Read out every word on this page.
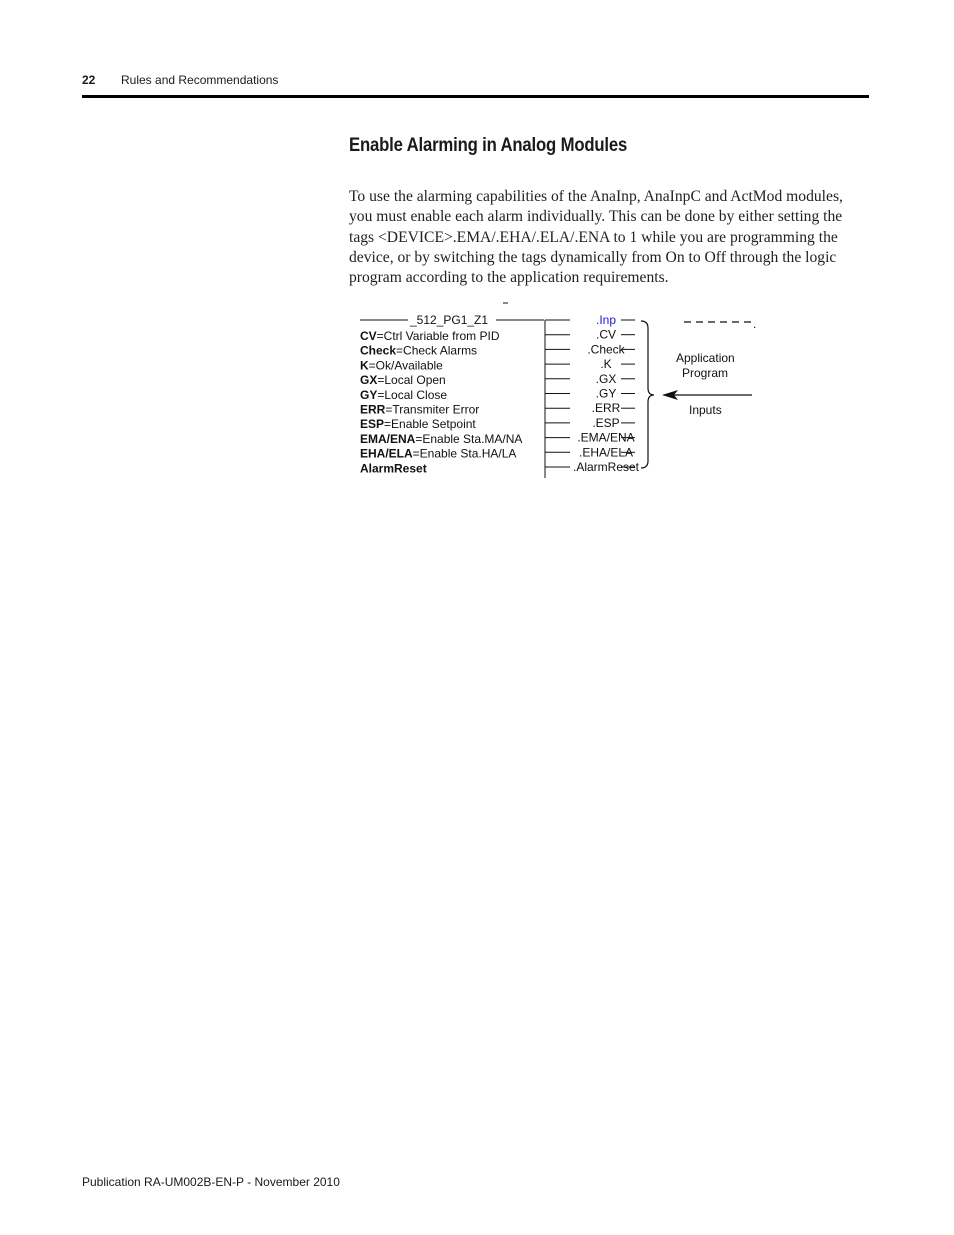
22 Rules and Recommendations
Enable Alarming in Analog Modules

To use the alarming capabilities of the AnaInp, AnaInpC and ActMod modules, you must enable each alarm individually. This can be done by either setting the tags <DEVICE>.EMA/.EHA/.ELA/.ENA to 1 while you are programming the device, or by switching the tags dynamically from On to Off through the logic program according to the application requirements.

_512_PG1_Z1
CV=Ctrl Variable from PID
Check=Check Alarms
K=Ok/Available
GX=Local Open
GY=Local Close
ERR=Transmiter Error
ESP=Enable Setpoint
EMA/ENA=Enable Sta.MA/NA
EHA/ELA=Enable Sta.HA/LA
AlarmReset
.Inp
.CV
.Check
.K
.GX
.GY
.ERR
.ESP
.EMA/ENA
.EHA/ELA
.AlarmReset
.
Application
Program
Inputs
Publication RA-UM002B-EN-P - November 2010
